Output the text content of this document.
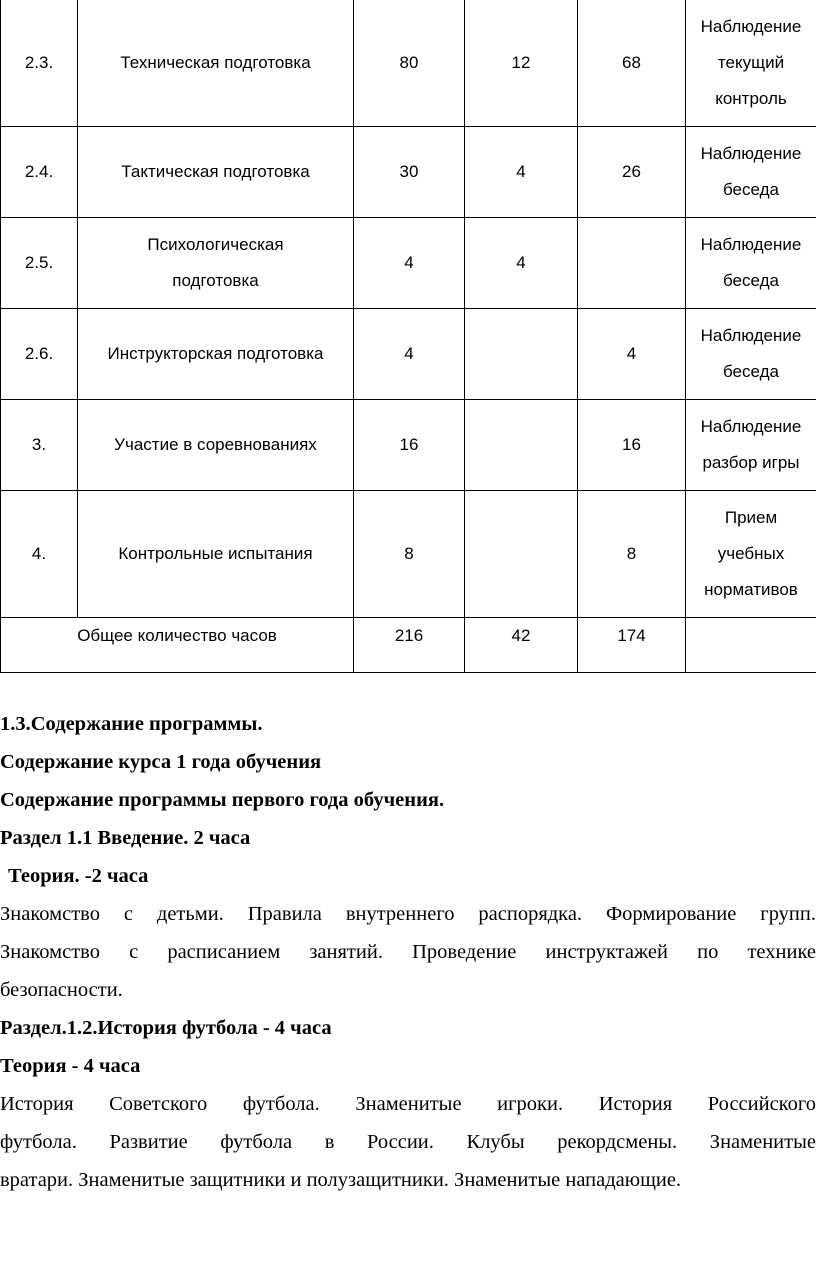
2.3.	Техническая подготовка	80	12	68	Наблюдение
текущий
контроль
2.4.	Тактическая подготовка	30	4	26	Наблюдение
беседа
2.5.	Психологическая
подготовка	4	4		Наблюдение
беседа
2.6.	Инструкторская подготовка	4		4	Наблюдение
беседа
3.	Участие в соревнованиях	16		16	Наблюдение
разбор игры
4.	Контрольные испытания	8		8	Прием
учебных
нормативов
Общее количество часов		216	42	174	

1.3.Содержание программы.

Содержание курса 1 года обучения

Содержание программы первого года обучения.

Раздел 1.1 Введение. 2 часа

Теория. -2 часа

Знакомство с детьми. Правила внутреннего распорядка. Формирование групп.

Знакомство с расписанием занятий. Проведение инструктажей по технике

безопасности.

Раздел.1.2.История футбола - 4 часа

Теория - 4 часа

История Советского футбола. Знаменитые игроки. История Российского

футбола. Развитие футбола в России. Клубы рекордсмены. Знаменитые

вратари. Знаменитые защитники и полузащитники. Знаменитые нападающие.
